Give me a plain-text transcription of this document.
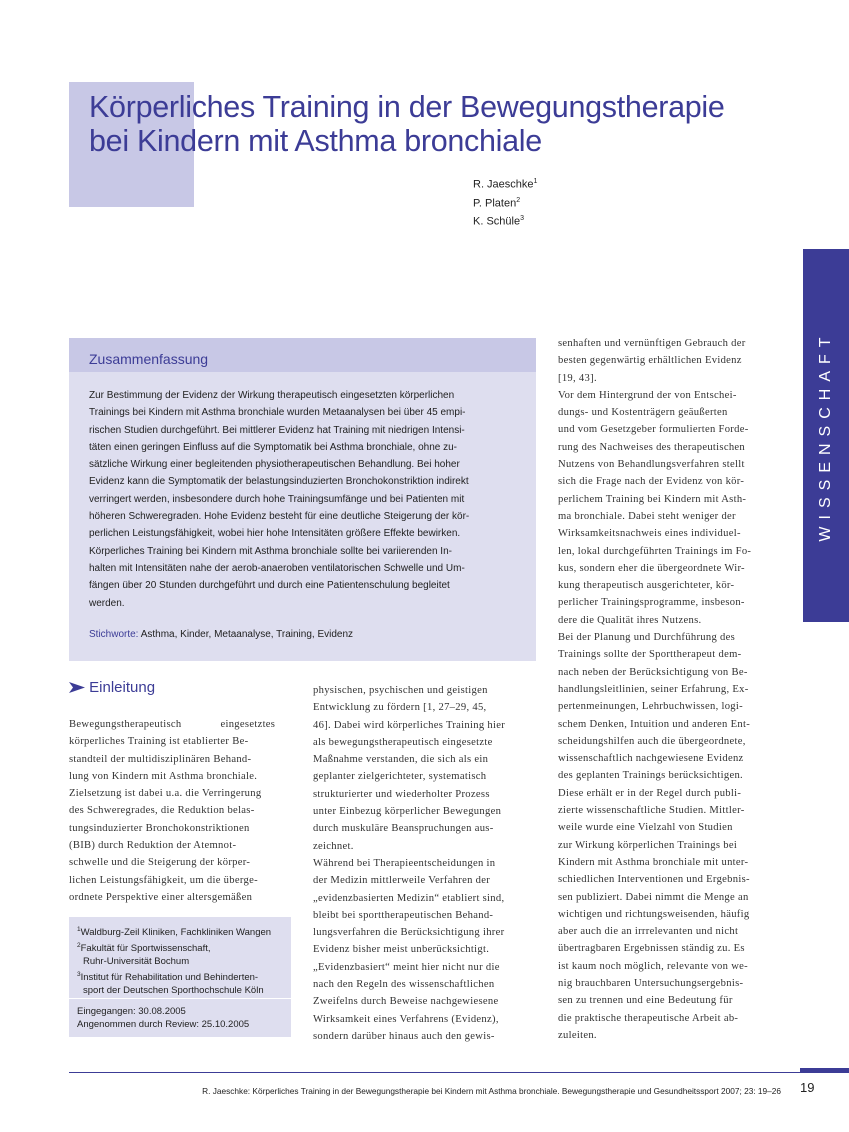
Körperliches Training in der Bewegungstherapie
bei Kindern mit Asthma bronchiale
R. Jaeschke$^1$
P. Platen$^2$
K. Schüle$^3$
WISSENSCHAFT
Zusammenfassung
Zur Bestimmung der Evidenz der Wirkung therapeutisch eingesetzten körperlichen
Trainings bei Kindern mit Asthma bronchiale wurden Metaanalysen bei über 45 empi-
rischen Studien durchgeführt. Bei mittlerer Evidenz hat Training mit niedrigen Intensi-
täten einen geringen Einfluss auf die Symptomatik bei Asthma bronchiale, ohne zu-
sätzliche Wirkung einer begleitenden physiotherapeutischen Behandlung. Bei hoher
Evidenz kann die Symptomatik der belastungsinduzierten Bronchokonstriktion indirekt
verringert werden, insbesondere durch hohe Trainingsumfänge und bei Patienten mit
höheren Schweregraden. Hohe Evidenz besteht für eine deutliche Steigerung der kör-
perlichen Leistungsfähigkeit, wobei hier hohe Intensitäten größere Effekte bewirken.
Körperliches Training bei Kindern mit Asthma bronchiale sollte bei variierenden In-
halten mit Intensitäten nahe der aerob-anaeroben ventilatorischen Schwelle und Um-
fängen über 20 Stunden durchgeführt und durch eine Patientenschulung begleitet
werden.
Stichworte: Asthma, Kinder, Metaanalyse, Training, Evidenz
Einleitung
Bewegungstherapeutisch eingesetztes
körperliches Training ist etablierter Be-
standteil der multidisziplinären Behand-
lung von Kindern mit Asthma bronchiale.
Zielsetzung ist dabei u.a. die Verringerung
des Schweregrades, die Reduktion belas-
tungsinduzierter Bronchokonstriktionen
(BIB) durch Reduktion der Atemnot-
schwelle und die Steigerung der körper-
lichen Leistungsfähigkeit, um die überge-
ordnete Perspektive einer altersgemäßen
$^1$Waldburg-Zeil Kliniken, Fachkliniken Wangen
$^2$Fakultät für Sportwissenschaft,
Ruhr-Universität Bochum
$^3$Institut für Rehabilitation und Behinderten-
sport der Deutschen Sporthochschule Köln
Eingegangen: 30.08.2005
Angenommen durch Review: 25.10.2005
physischen, psychischen und geistigen
Entwicklung zu fördern [1, 27–29, 45,
46]. Dabei wird körperliches Training hier
als bewegungstherapeutisch eingesetzte
Maßnahme verstanden, die sich als ein
geplanter zielgerichteter, systematisch
strukturierter und wiederholter Prozess
unter Einbezug körperlicher Bewegungen
durch muskuläre Beanspruchungen aus-
zeichnet.
Während bei Therapieentscheidungen in
der Medizin mittlerweile Verfahren der
„evidenzbasierten Medizin“ etabliert sind,
bleibt bei sporttherapeutischen Behand-
lungsverfahren die Berücksichtigung ihrer
Evidenz bisher meist unberücksichtigt.
„Evidenzbasiert“ meint hier nicht nur die
nach den Regeln des wissenschaftlichen
Zweifelns durch Beweise nachgewiesene
Wirksamkeit eines Verfahrens (Evidenz),
sondern darüber hinaus auch den gewis-
senhaften und vernünftigen Gebrauch der
besten gegenwärtig erhältlichen Evidenz
[19, 43].
Vor dem Hintergrund der von Entschei-
dungs- und Kostenträgern geäußerten
und vom Gesetzgeber formulierten Forde-
rung des Nachweises des therapeutischen
Nutzens von Behandlungsverfahren stellt
sich die Frage nach der Evidenz von kör-
perlichem Training bei Kindern mit Asth-
ma bronchiale. Dabei steht weniger der
Wirksamkeitsnachweis eines individuel-
len, lokal durchgeführten Trainings im Fo-
kus, sondern eher die übergeordnete Wir-
kung therapeutisch ausgerichteter, kör-
perlicher Trainingsprogramme, insbeson-
dere die Qualität ihres Nutzens.
Bei der Planung und Durchführung des
Trainings sollte der Sporttherapeut dem-
nach neben der Berücksichtigung von Be-
handlungsleitlinien, seiner Erfahrung, Ex-
pertenmeinungen, Lehrbuchwissen, logi-
schem Denken, Intuition und anderen Ent-
scheidungshilfen auch die übergeordnete,
wissenschaftlich nachgewiesene Evidenz
des geplanten Trainings berücksichtigen.
Diese erhält er in der Regel durch publi-
zierte wissenschaftliche Studien. Mittler-
weile wurde eine Vielzahl von Studien
zur Wirkung körperlichen Trainings bei
Kindern mit Asthma bronchiale mit unter-
schiedlichen Interventionen und Ergebnis-
sen publiziert. Dabei nimmt die Menge an
wichtigen und richtungsweisenden, häufig
aber auch die an irrrelevanten und nicht
übertragbaren Ergebnissen ständig zu. Es
ist kaum noch möglich, relevante von we-
nig brauchbaren Untersuchungsergebnis-
sen zu trennen und eine Bedeutung für
die praktische therapeutische Arbeit ab-
zuleiten.
R. Jaeschke: Körperliches Training in der Bewegungstherapie bei Kindern mit Asthma bronchiale. Bewegungstherapie und Gesundheitssport 2007; 23: 19–26 19
